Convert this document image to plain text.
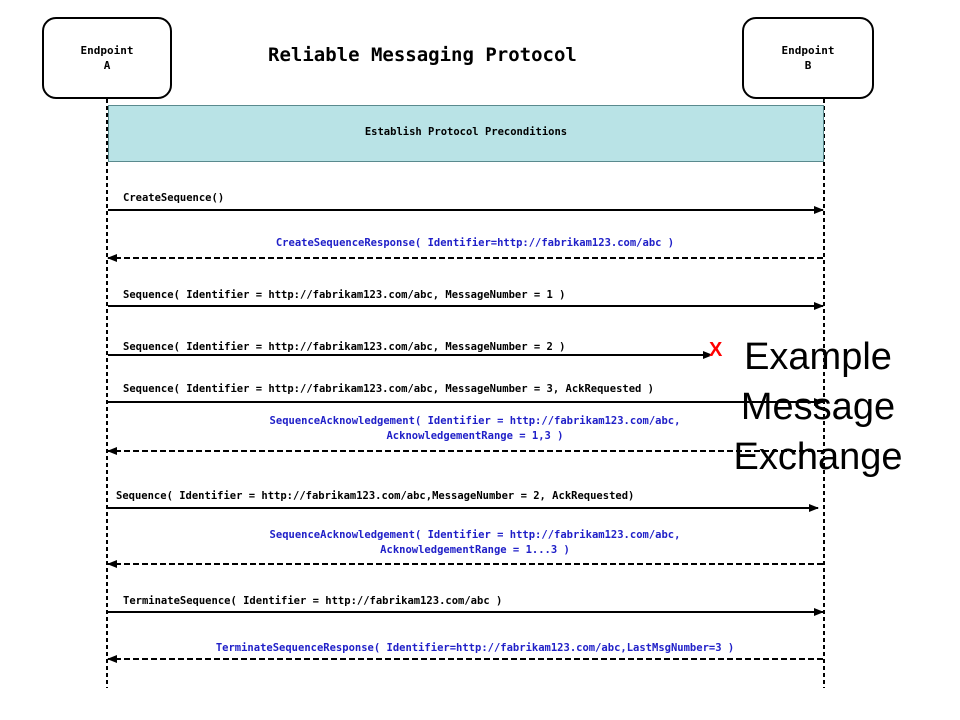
Endpoint
A
Endpoint
B
Reliable Messaging Protocol
Establish Protocol Preconditions
CreateSequence()
CreateSequenceResponse( Identifier=http://fabrikam123.com/abc )
Sequence( Identifier = http://fabrikam123.com/abc, MessageNumber = 1 )
Sequence( Identifier = http://fabrikam123.com/abc, MessageNumber = 2 )
Sequence( Identifier = http://fabrikam123.com/abc, MessageNumber = 3, AckRequested )
SequenceAcknowledgement( Identifier = http://fabrikam123.com/abc,
AcknowledgementRange = 1,3 )
Sequence( Identifier = http://fabrikam123.com/abc,MessageNumber = 2, AckRequested)
SequenceAcknowledgement( Identifier = http://fabrikam123.com/abc,
AcknowledgementRange = 1...3 )
TerminateSequence( Identifier = http://fabrikam123.com/abc )
TerminateSequenceResponse( Identifier=http://fabrikam123.com/abc,LastMsgNumber=3 )
X Example
Message
Exchange
